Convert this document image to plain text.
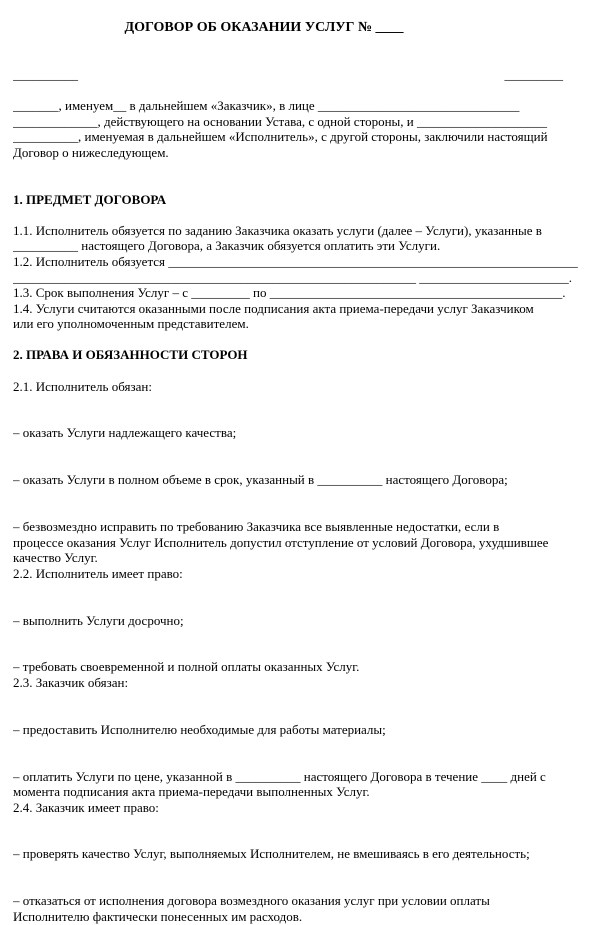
ДОГОВОР ОБ ОКАЗАНИИ УСЛУГ № ____

__________	_________

_______, именуем__ в дальнейшем «Заказчик», в лице _______________________________
_____________, действующего на основании Устава, с одной стороны, и ____________________
__________, именуемая в дальнейшем «Исполнитель», с другой стороны, заключили настоящий
Договор о нижеследующем.

1. ПРЕДМЕТ ДОГОВОРА

1.1. Исполнитель обязуется по заданию Заказчика оказать услуги (далее – Услуги), указанные в
__________ настоящего Договора, а Заказчик обязуется оплатить эти Услуги.
1.2. Исполнитель обязуется _______________________________________________________________
______________________________________________________________ _______________________.
1.3. Срок выполнения Услуг – с _________ по _____________________________________________.
1.4. Услуги считаются оказанными после подписания акта приема-передачи услуг Заказчиком
или его уполномоченным представителем.

2. ПРАВА И ОБЯЗАННОСТИ СТОРОН

2.1. Исполнитель обязан:

– оказать Услуги надлежащего качества;

– оказать Услуги в полном объеме в срок, указанный в __________ настоящего Договора;

– безвозмездно исправить по требованию Заказчика все выявленные недостатки, если в
процессе оказания Услуг Исполнитель допустил отступление от условий Договора, ухудшившее
качество Услуг.
2.2. Исполнитель имеет право:

– выполнить Услуги досрочно;

– требовать своевременной и полной оплаты оказанных Услуг.
2.3. Заказчик обязан:

– предоставить Исполнителю необходимые для работы материалы;

– оплатить Услуги по цене, указанной в __________ настоящего Договора в течение ____ дней с
момента подписания акта приема-передачи выполненных Услуг.
2.4. Заказчик имеет право:

– проверять качество Услуг, выполняемых Исполнителем, не вмешиваясь в его деятельность;

– отказаться от исполнения договора возмездного оказания услуг при условии оплаты
Исполнителю фактически понесенных им расходов.
